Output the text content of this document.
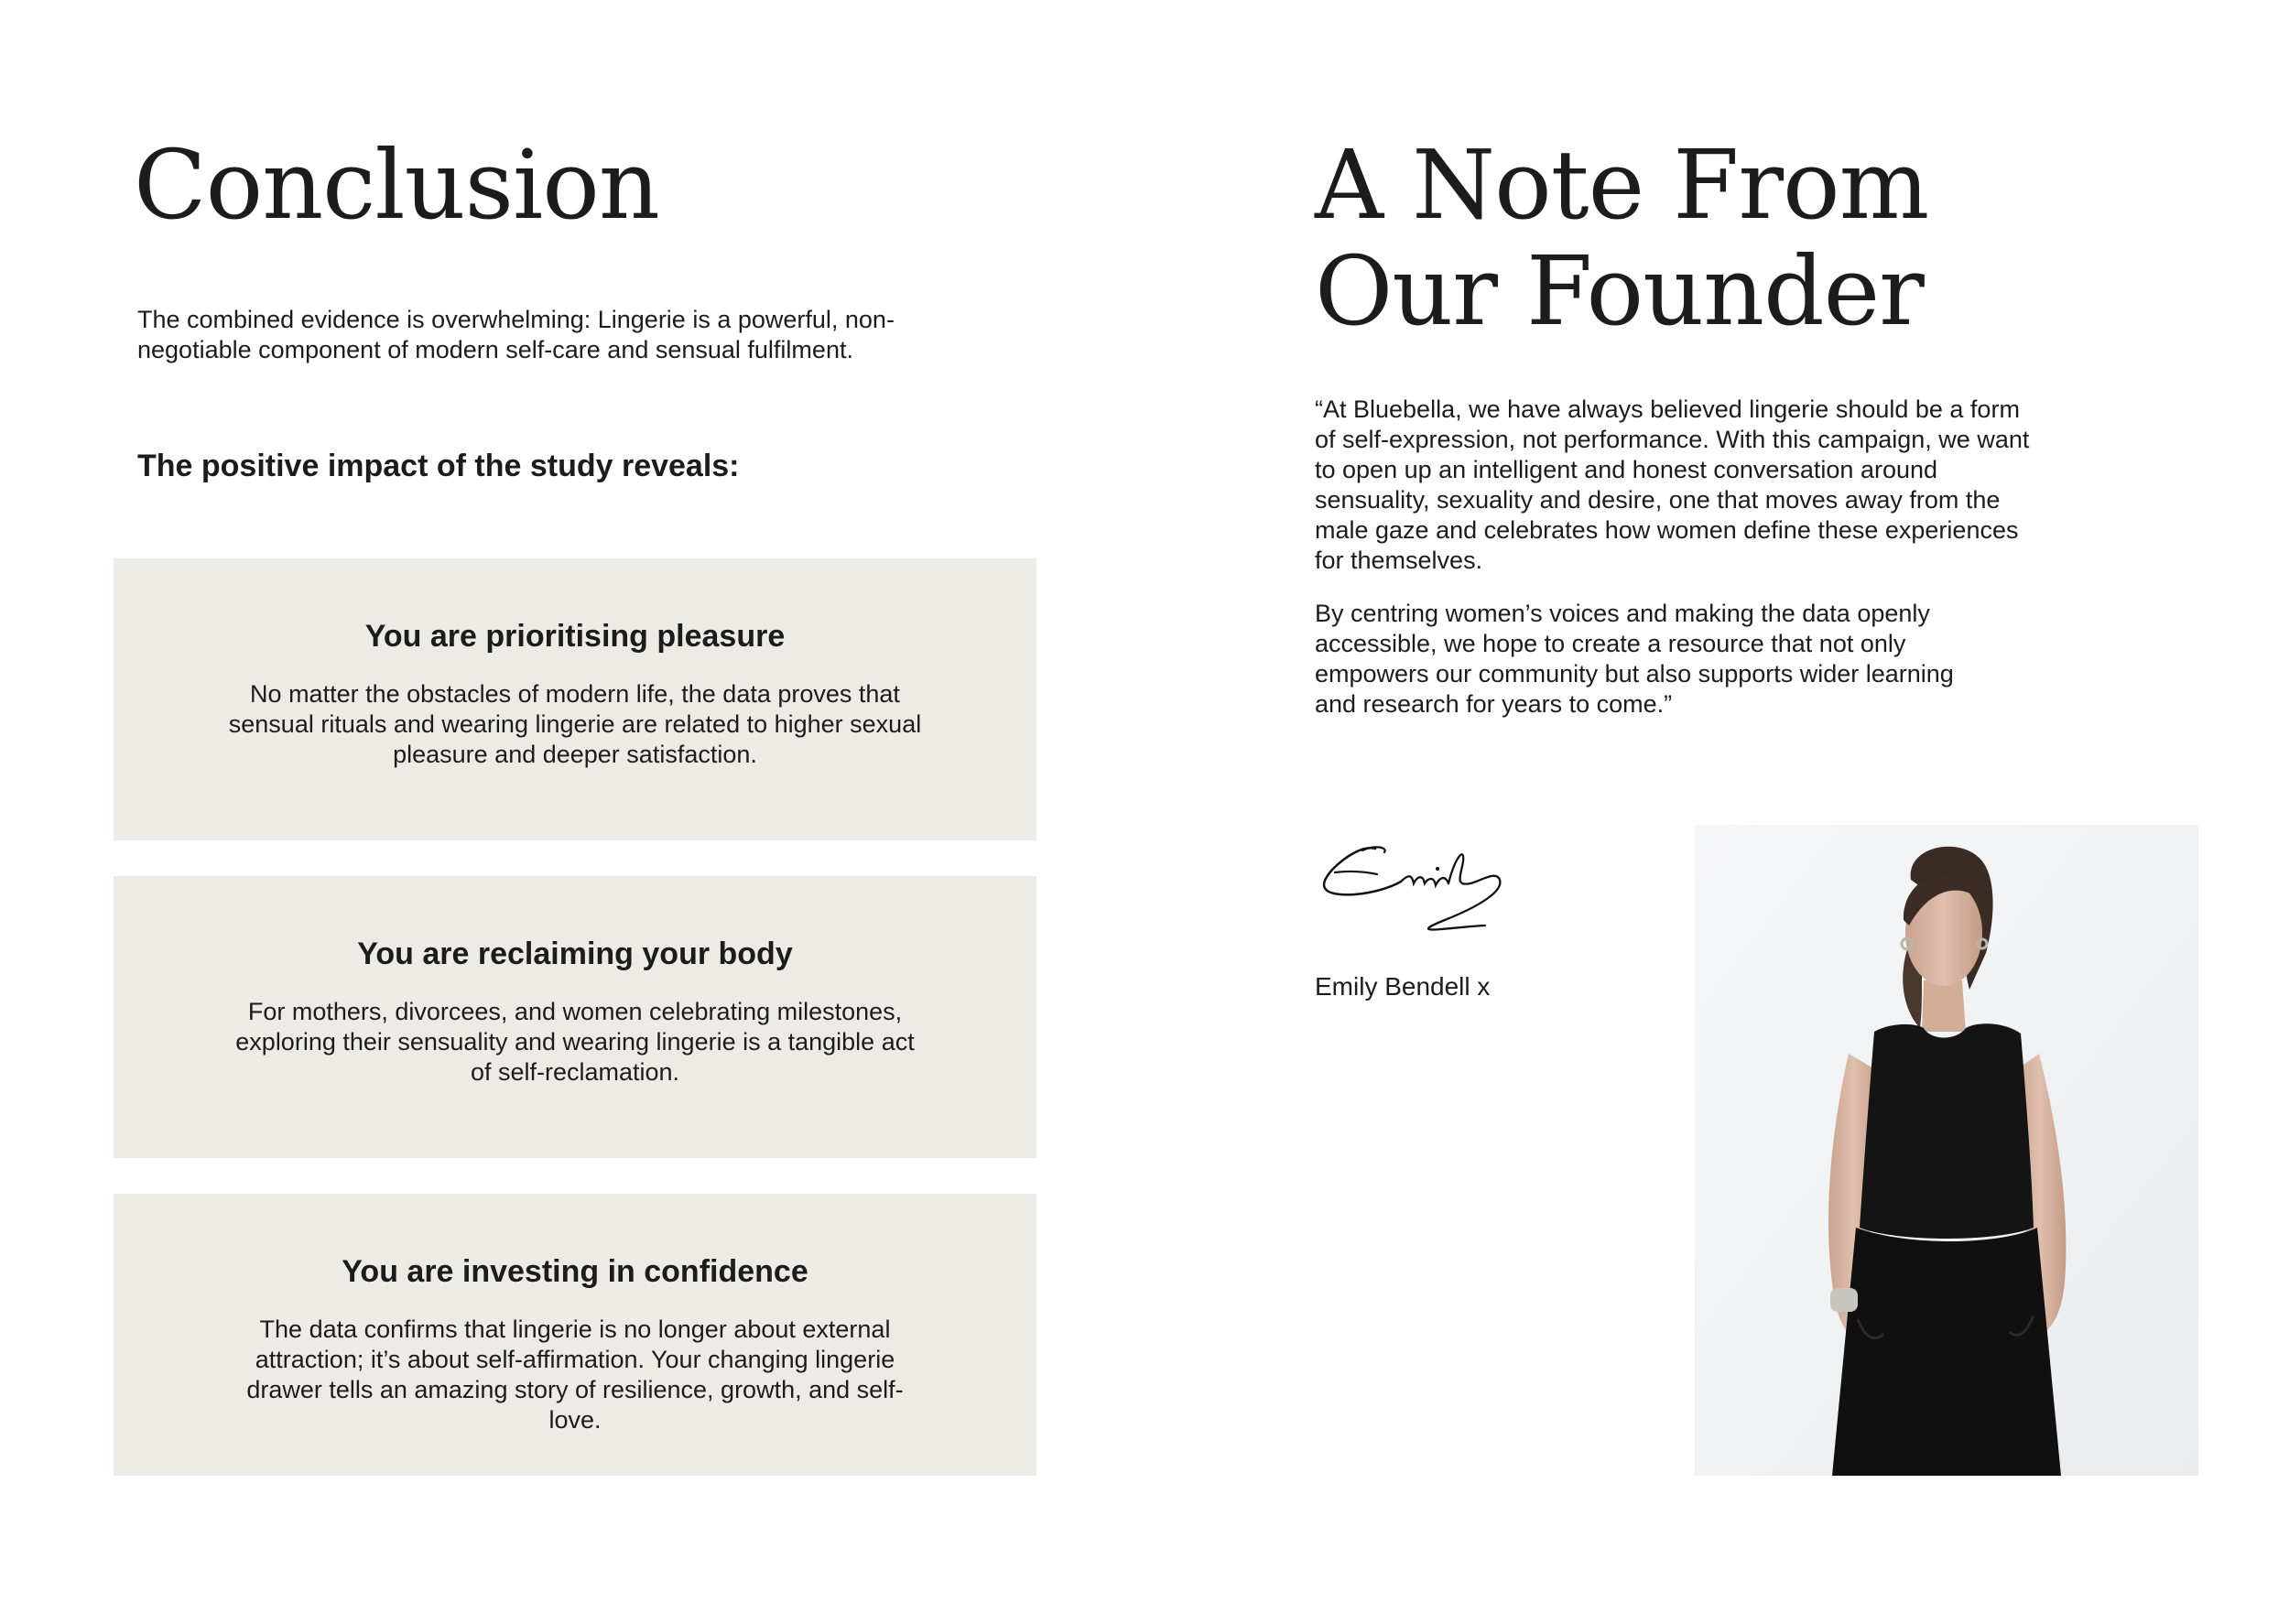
Conclusion

The combined evidence is overwhelming: Lingerie is a powerful, non-negotiable component of modern self-care and sensual fulfilment.

The positive impact of the study reveals:
You are prioritising pleasure

No matter the obstacles of modern life, the data proves that sensual rituals and wearing lingerie are related to higher sexual pleasure and deeper satisfaction.

You are reclaiming your body

For mothers, divorcees, and women celebrating milestones, exploring their sensuality and wearing lingerie is a tangible act of self-reclamation.

You are investing in confidence

The data confirms that lingerie is no longer about external attraction; it’s about self-affirmation. Your changing lingerie drawer tells an amazing story of resilience, growth, and self-love.

A Note From
Our Founder

“At Bluebella, we have always believed lingerie should be a form of self-expression, not performance. With this campaign, we want to open up an intelligent and honest conversation around sensuality, sexuality and desire, one that moves away from the male gaze and celebrates how women define these experiences for themselves.

By centring women’s voices and making the data openly accessible, we hope to create a resource that not only empowers our community but also supports wider learning and research for years to come.”

Emily Bendell x
